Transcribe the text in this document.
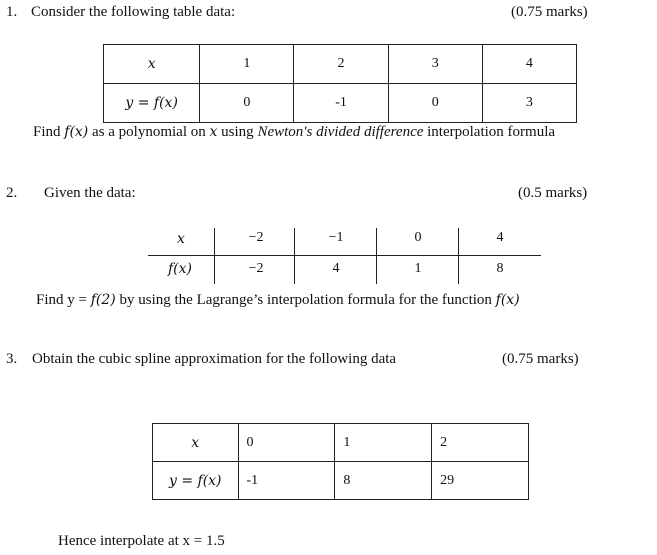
1. Consider the following table data:	(0.75 marks)
x	1	2	3	4
y = f(x)	0	-1	0	3
Find f(x) as a polynomial on x using Newton's divided difference interpolation formula
2. Given the data:	(0.5 marks)
x	−2	−1	0	4
f(x)	−2	4	1	8
Find y = f(2) by using the Lagrange’s interpolation formula for the function f(x)
3. Obtain the cubic spline approximation for the following data	(0.75 marks)
x	0	1	2
y = f(x)	-1	8	29
Hence interpolate at x = 1.5
